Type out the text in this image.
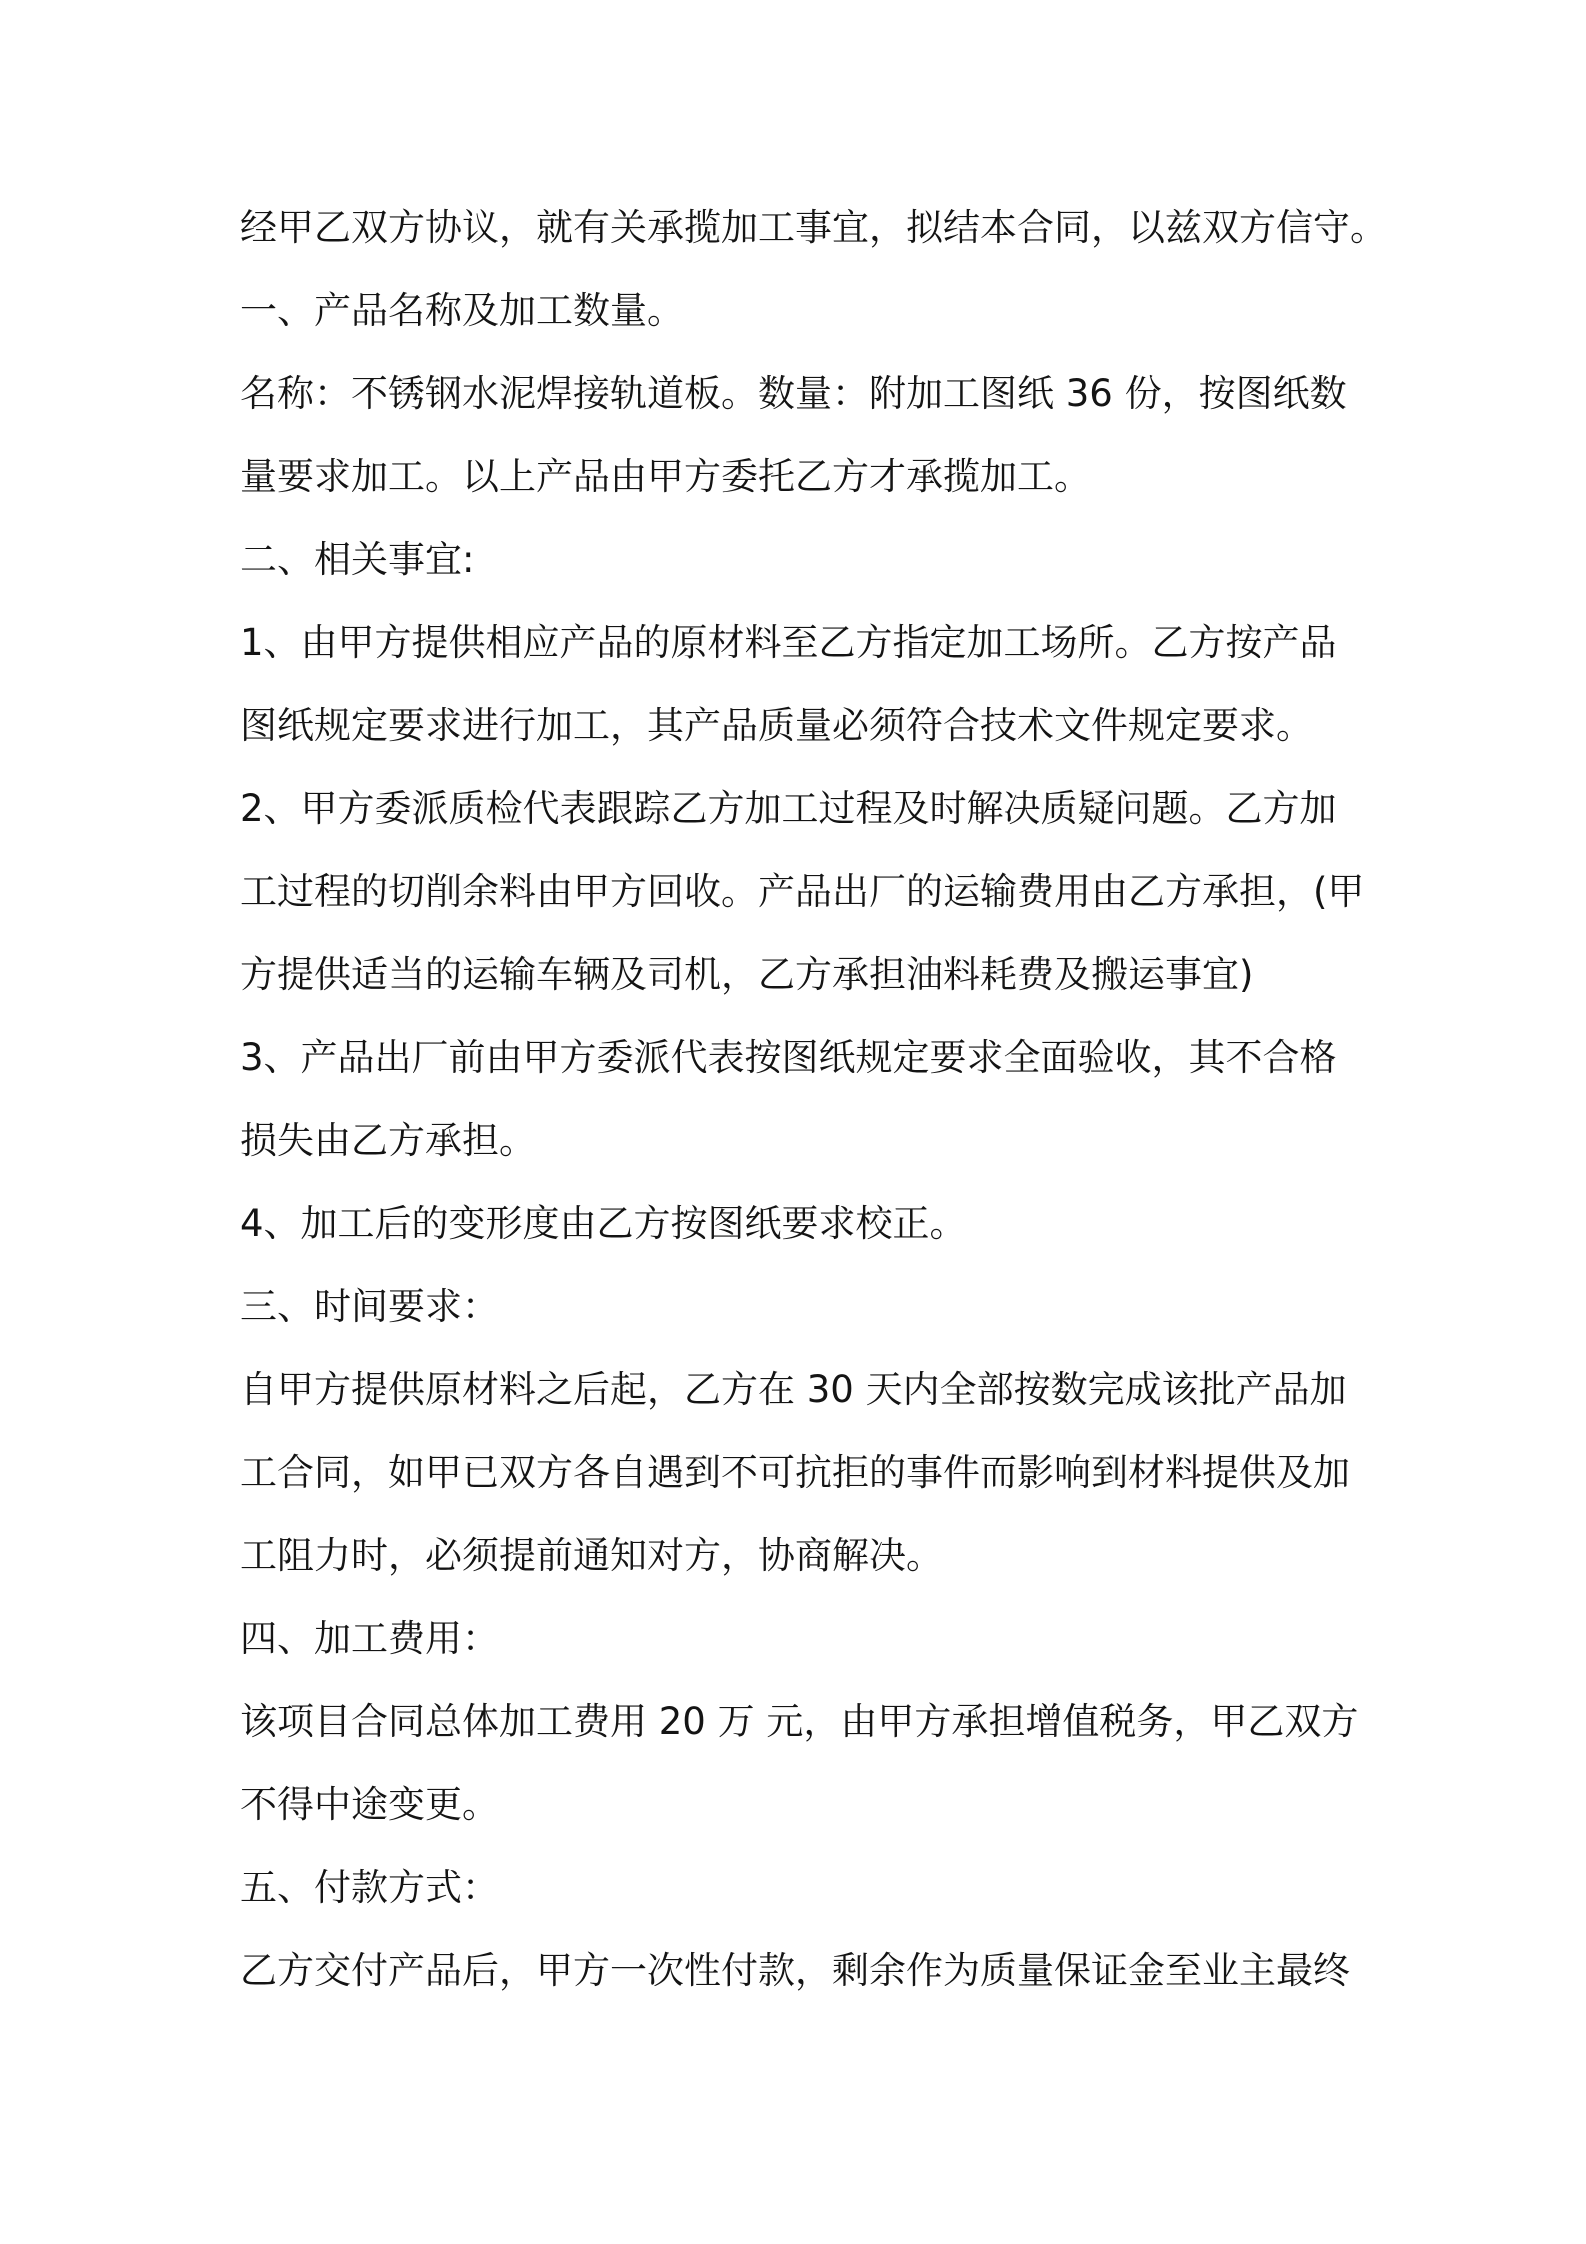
经甲乙双方协议，就有关承揽加工事宜，拟结本合同，以兹双方信守。
一、产品名称及加工数量。
名称：不锈钢水泥焊接轨道板。数量：附加工图纸 36 份，按图纸数
量要求加工。以上产品由甲方委托乙方才承揽加工。
二、相关事宜:
1、由甲方提供相应产品的原材料至乙方指定加工场所。乙方按产品
图纸规定要求进行加工，其产品质量必须符合技术文件规定要求。
2、甲方委派质检代表跟踪乙方加工过程及时解决质疑问题。乙方加
工过程的切削余料由甲方回收。产品出厂的运输费用由乙方承担，(甲
方提供适当的运输车辆及司机，乙方承担油料耗费及搬运事宜)
3、产品出厂前由甲方委派代表按图纸规定要求全面验收，其不合格
损失由乙方承担。
4、加工后的变形度由乙方按图纸要求校正。
三、时间要求：
自甲方提供原材料之后起，乙方在 30 天内全部按数完成该批产品加
工合同，如甲已双方各自遇到不可抗拒的事件而影响到材料提供及加
工阻力时，必须提前通知对方，协商解决。
四、加工费用：
该项目合同总体加工费用 20 万 元，由甲方承担增值税务，甲乙双方
不得中途变更。
五、付款方式：
乙方交付产品后，甲方一次性付款，剩余作为质量保证金至业主最终
